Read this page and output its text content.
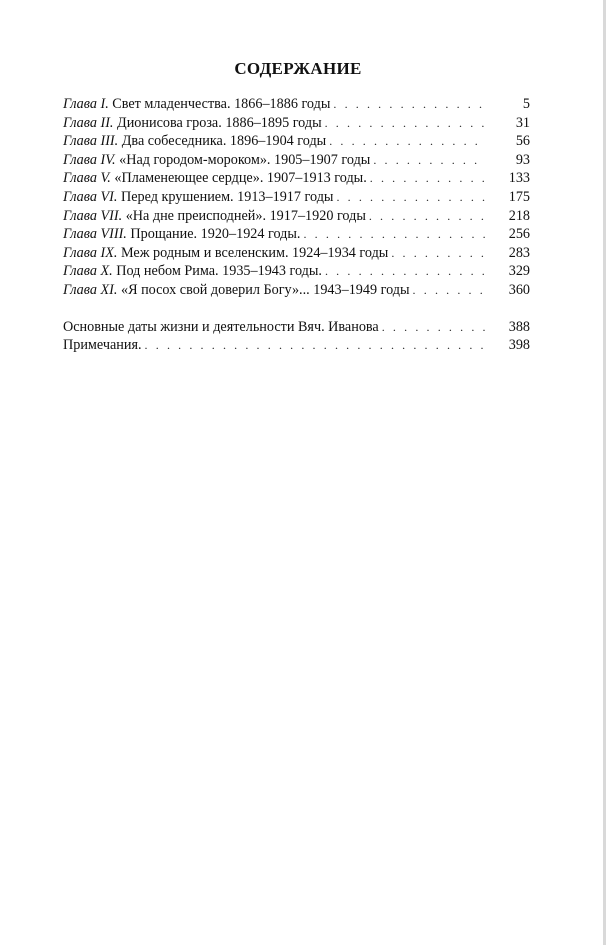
СОДЕРЖАНИЕ
Глава I. Свет младенчества. 1866–1886 годы . . .	5
Глава II. Дионисова гроза. 1886–1895 годы . . .	31
Глава III. Два собеседника. 1896–1904 годы . . .	56
Глава IV. «Над городом-мороком». 1905–1907 годы . . .	93
Глава V. «Пламенеющее сердце». 1907–1913 годы. . . .	133
Глава VI. Перед крушением. 1913–1917 годы . . .	175
Глава VII. «На дне преисподней». 1917–1920 годы . . .	218
Глава VIII. Прощание. 1920–1924 годы. . . .	256
Глава IX. Меж родным и вселенским. 1924–1934 годы . . .	283
Глава X. Под небом Рима. 1935–1943 годы. . . .	329
Глава XI. «Я посох свой доверил Богу»... 1943–1949 годы . . .	360
Основные даты жизни и деятельности Вяч. Иванова . . .	388
Примечания. . . .	398
